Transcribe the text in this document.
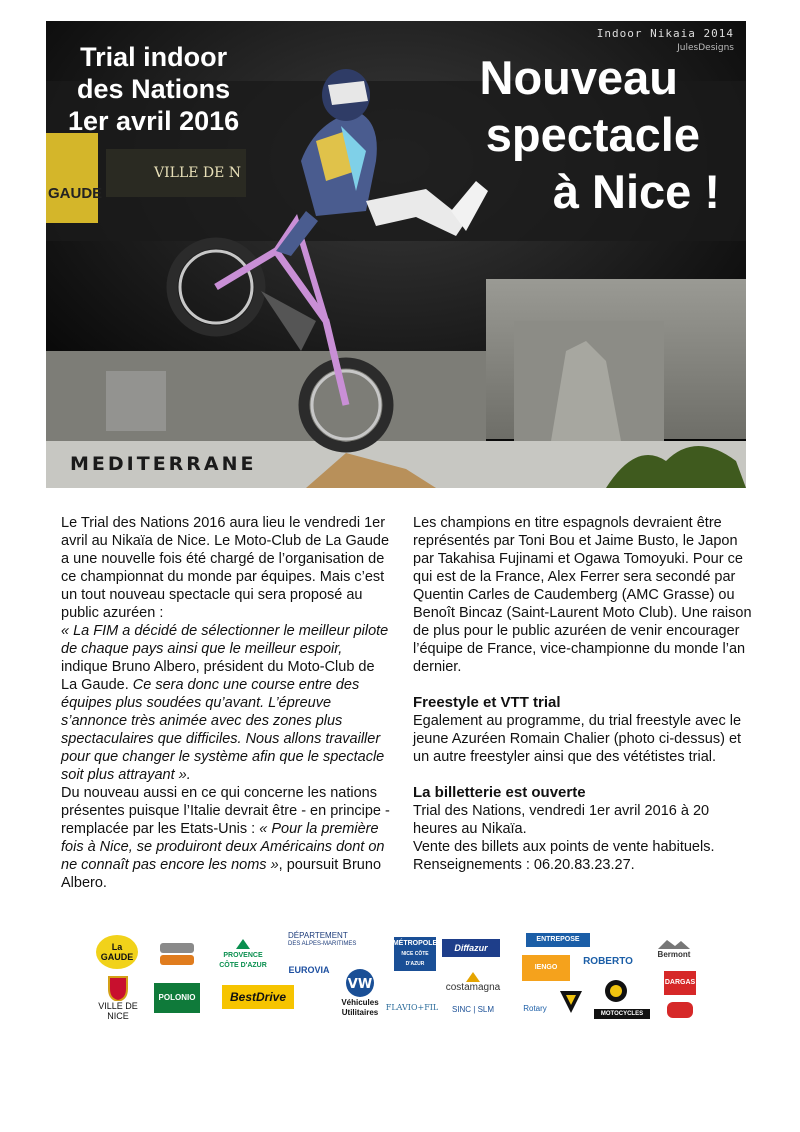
GAUDE
VILLE DE N
MEDITERRANE
Indoor Nikaia 2014
JulesDesigns
Trial indoor
des Nations
1er avril 2016
Nouveau
spectacle
à Nice !

Le Trial des Nations 2016 aura lieu le vendredi 1er avril au Nikaïa de Nice. Le Moto-Club de La Gaude a une nouvelle fois été chargé de l’organisation de ce championnat du monde par équipes. Mais c’est un tout nouveau spectacle qui sera proposé au public azuréen :
« La FIM a décidé de sélectionner le meilleur pilote de chaque pays ainsi que le meilleur espoir, indique Bruno Albero, président du Moto-Club de La Gaude. Ce sera donc une course entre des équipes plus soudées qu’avant. L’épreuve s’annonce très animée avec des zones plus spectaculaires que difficiles. Nous allons travailler pour que changer le système afin que le spectacle soit plus attrayant ».

Du nouveau aussi en ce qui concerne les nations présentes puisque l’Italie devrait être - en principe - remplacée par les Etats-Unis : « Pour la première fois à Nice, se produiront deux Américains dont on ne connaît pas encore les noms », poursuit Bruno Albero.

Les champions en titre espagnols devraient être représentés par Toni Bou et Jaime Busto, le Japon par Takahisa Fujinami et Ogawa Tomoyuki. Pour ce qui est de la France, Alex Ferrer sera secondé par Quentin Carles de Caudemberg (AMC Grasse) ou Benoît Bincaz (Saint-Laurent Moto Club). Une raison de plus pour le public azuréen de venir encourager l’équipe de France, vice-championne du monde l’an dernier.

Freestyle et VTT trial

Egalement au programme, du trial freestyle avec le jeune Azuréen Romain Chalier (photo ci-dessus) et un autre freestyler ainsi que des vététistes trial.

La billetterie est ouverte

Trial des Nations, vendredi 1er avril 2016 à 20 heures au Nikaïa.

Vente des billets aux points de vente habituels.

Renseignements : 06.20.83.23.27.

La GAUDE
VILLE DE NICE
POLONIO
PROVENCE
CÔTE D'AZUR
BestDrive
DÉPARTEMENT
DES ALPES-MARITIMES
EUROVIA
VW
Véhicules
Utilitaires
FLAVIO+FIL
MÉTROPOLE
NICE CÔTE D'AZUR
Diffazur
costamagna
SINC | SLM
ENTREPOSE
IENGO
ROBERTO
Rotary
MOTOCYCLES
Bermont
DARGAS
